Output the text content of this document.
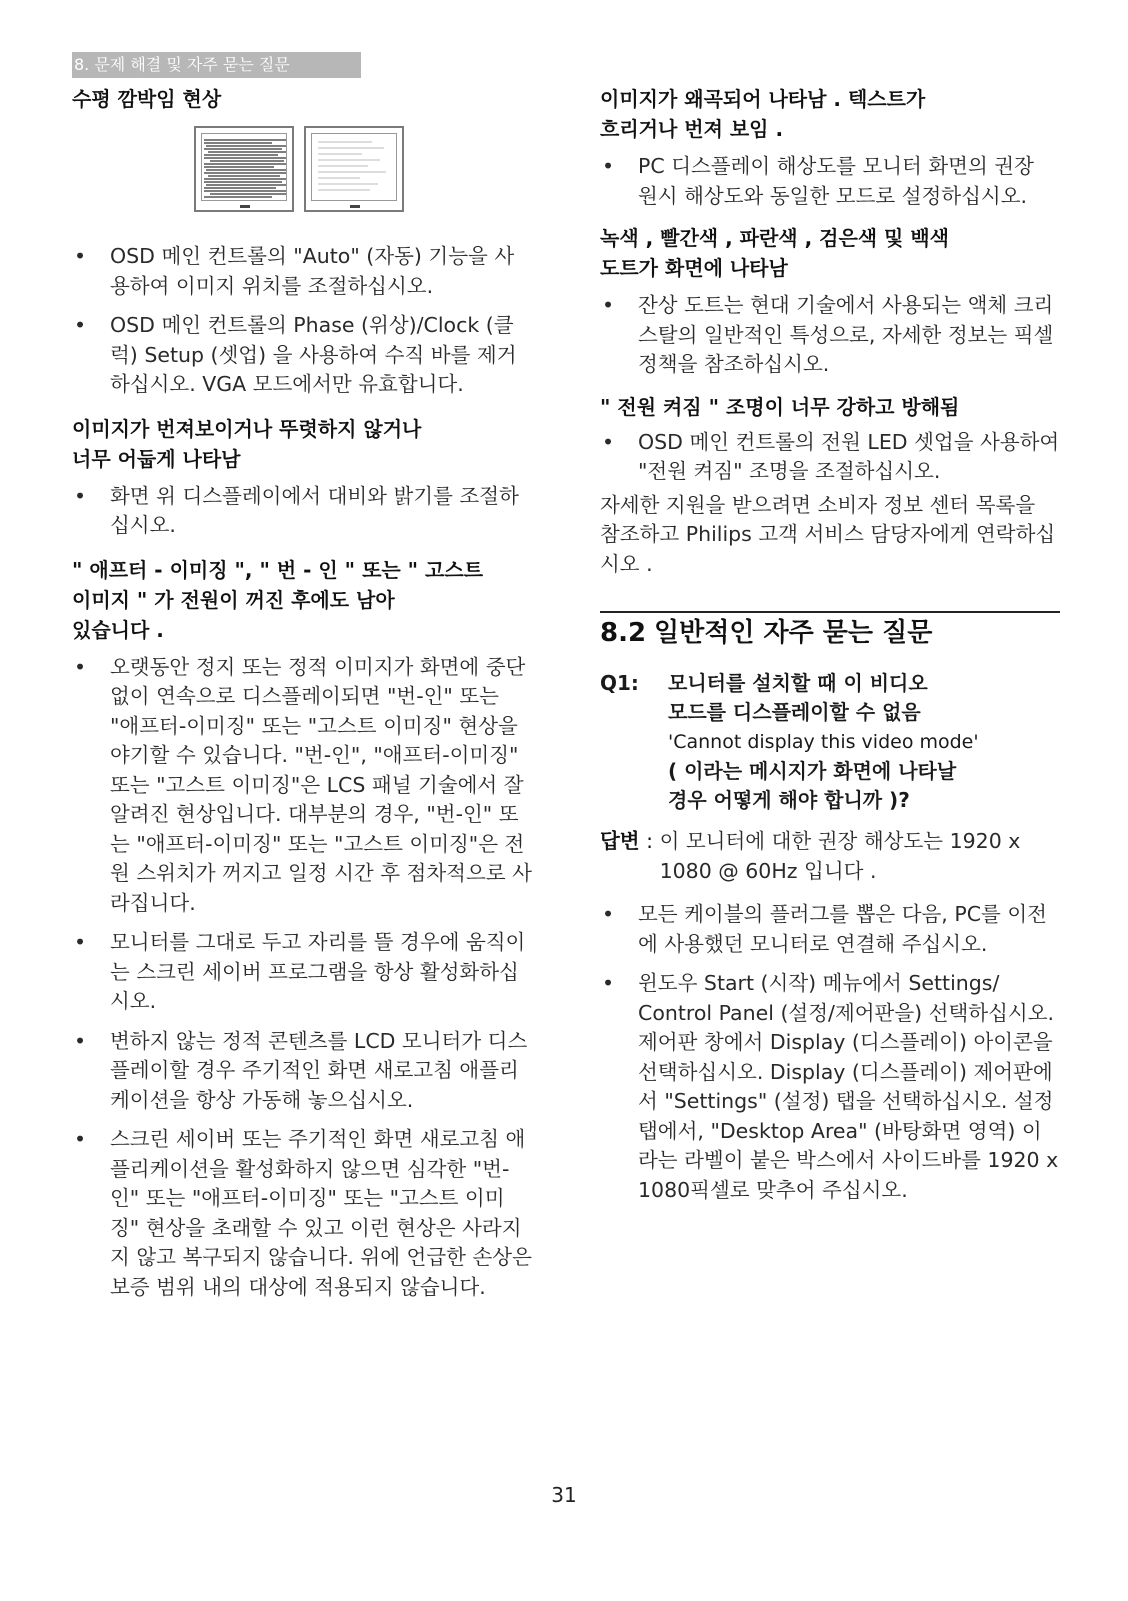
8. 문제 해결 및 자주 묻는 질문
수평 깜박임 현상
• OSD 메인 컨트롤의 "Auto" (자동) 기능을 사용하여 이미지 위치를 조절하십시오.
• OSD 메인 컨트롤의 Phase (위상)/Clock (클럭) Setup (셋업) 을 사용하여 수직 바를 제거하십시오. VGA 모드에서만 유효합니다.
이미지가 번져보이거나 뚜렷하지 않거나
너무 어둡게 나타남
• 화면 위 디스플레이에서 대비와 밝기를 조절하십시오.
" 애프터 - 이미징 ", " 번 - 인 " 또는 " 고스트
이미지 " 가 전원이 꺼진 후에도 남아
있습니다 .
• 오랫동안 정지 또는 정적 이미지가 화면에 중단없이 연속으로 디스플레이되면 "번-인" 또는 "애프터-이미징" 또는 "고스트 이미징" 현상을 야기할 수 있습니다. "번-인", "애프터-이미징" 또는 "고스트 이미징"은 LCS 패널 기술에서 잘 알려진 현상입니다. 대부분의 경우, "번-인" 또는 "애프터-이미징" 또는 "고스트 이미징"은 전원 스위치가 꺼지고 일정 시간 후 점차적으로 사라집니다.
• 모니터를 그대로 두고 자리를 뜰 경우에 움직이는 스크린 세이버 프로그램을 항상 활성화하십시오.
• 변하지 않는 정적 콘텐츠를 LCD 모니터가 디스플레이할 경우 주기적인 화면 새로고침 애플리케이션을 항상 가동해 놓으십시오.
• 스크린 세이버 또는 주기적인 화면 새로고침 애플리케이션을 활성화하지 않으면 심각한 "번-인" 또는 "애프터-이미징" 또는 "고스트 이미징" 현상을 초래할 수 있고 이런 현상은 사라지지 않고 복구되지 않습니다. 위에 언급한 손상은 보증 범위 내의 대상에 적용되지 않습니다.
이미지가 왜곡되어 나타남 . 텍스트가
흐리거나 번져 보임 .
• PC 디스플레이 해상도를 모니터 화면의 권장 원시 해상도와 동일한 모드로 설정하십시오.
녹색 , 빨간색 , 파란색 , 검은색 및 백색
도트가 화면에 나타남
• 잔상 도트는 현대 기술에서 사용되는 액체 크리스탈의 일반적인 특성으로, 자세한 정보는 픽셀 정책을 참조하십시오.
" 전원 켜짐 " 조명이 너무 강하고 방해됨
• OSD 메인 컨트롤의 전원 LED 셋업을 사용하여 "전원 켜짐" 조명을 조절하십시오.

자세한 지원을 받으려면 소비자 정보 센터 목록을 참조하고 Philips 고객 서비스 담당자에게 연락하십시오 .

8.2 일반적인 자주 묻는 질문
Q1:	모니터를 설치할 때 이 비디오
모드를 디스플레이할 수 없음
'Cannot display this video mode'
( 이라는 메시지가 화면에 나타날
경우 어떻게 해야 합니까 )?
답변 : 이 모니터에 대한 권장 해상도는 1920 x 1080 @ 60Hz 입니다 .
• 모든 케이블의 플러그를 뽑은 다음, PC를 이전에 사용했던 모니터로 연결해 주십시오.
• 윈도우 Start (시작) 메뉴에서 Settings/ Control Panel (설정/제어판을) 선택하십시오. 제어판 창에서 Display (디스플레이) 아이콘을 선택하십시오. Display (디스플레이) 제어판에서 "Settings" (설정) 탭을 선택하십시오. 설정 탭에서, "Desktop Area" (바탕화면 영역) 이라는 라벨이 붙은 박스에서 사이드바를 1920 x 1080픽셀로 맞추어 주십시오.
31
